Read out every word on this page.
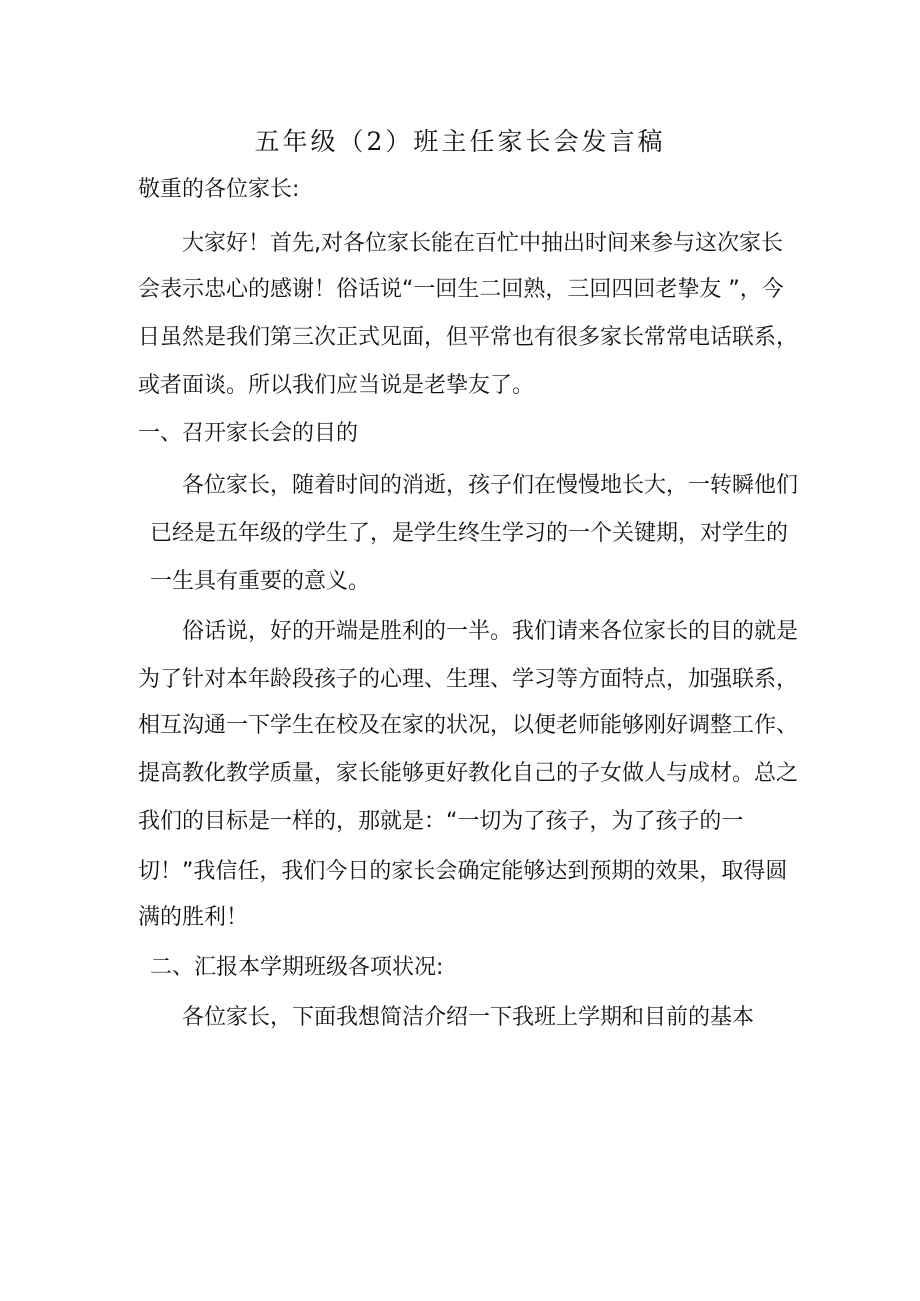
五年级（2）班主任家长会发言稿

敬重的各位家长:

大家好！首先,对各位家长能在百忙中抽出时间来参与这次家长

会表示忠心的感谢！俗话说“一回生二回熟，三回四回老挚友 ”，今

日虽然是我们第三次正式见面，但平常也有很多家长常常电话联系，

或者面谈。所以我们应当说是老挚友了。

一、召开家长会的目的

各位家长，随着时间的消逝，孩子们在慢慢地长大，一转瞬他们

已经是五年级的学生了，是学生终生学习的一个关键期，对学生的

一生具有重要的意义。

俗话说，好的开端是胜利的一半。我们请来各位家长的目的就是

为了针对本年龄段孩子的心理、生理、学习等方面特点，加强联系，

相互沟通一下学生在校及在家的状况，以便老师能够刚好调整工作、

提高教化教学质量，家长能够更好教化自己的子女做人与成材。总之

我们的目标是一样的，那就是：“一切为了孩子，为了孩子的一

切！”我信任，我们今日的家长会确定能够达到预期的效果，取得圆

满的胜利！

二、汇报本学期班级各项状况:

各位家长，下面我想简洁介绍一下我班上学期和目前的基本
